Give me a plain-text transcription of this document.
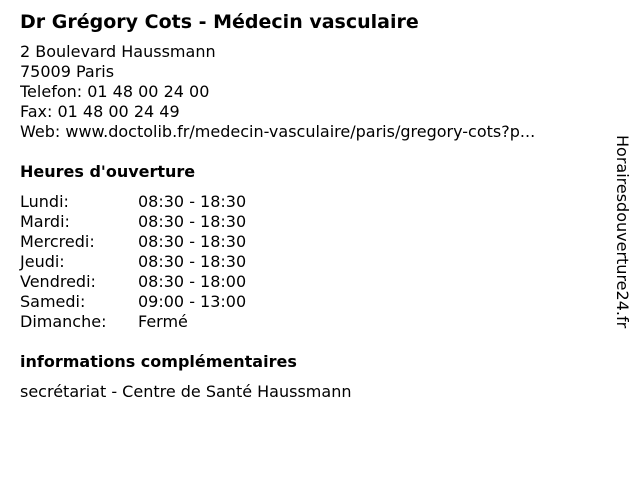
Dr Grégory Cots - Médecin vasculaire
2 Boulevard Haussmann
75009 Paris
Telefon: 01 48 00 24 00
Fax: 01 48 00 24 49
Web: www.doctolib.fr/medecin-vasculaire/paris/gregory-cots?p...
Heures d'ouverture
Lundi:	08:30 - 18:30
Mardi:	08:30 - 18:30
Mercredi:	08:30 - 18:30
Jeudi:	08:30 - 18:30
Vendredi:	08:30 - 18:00
Samedi:	09:00 - 13:00
Dimanche:	Fermé
informations complémentaires
secrétariat - Centre de Santé Haussmann
Horairesdouverture24.fr
